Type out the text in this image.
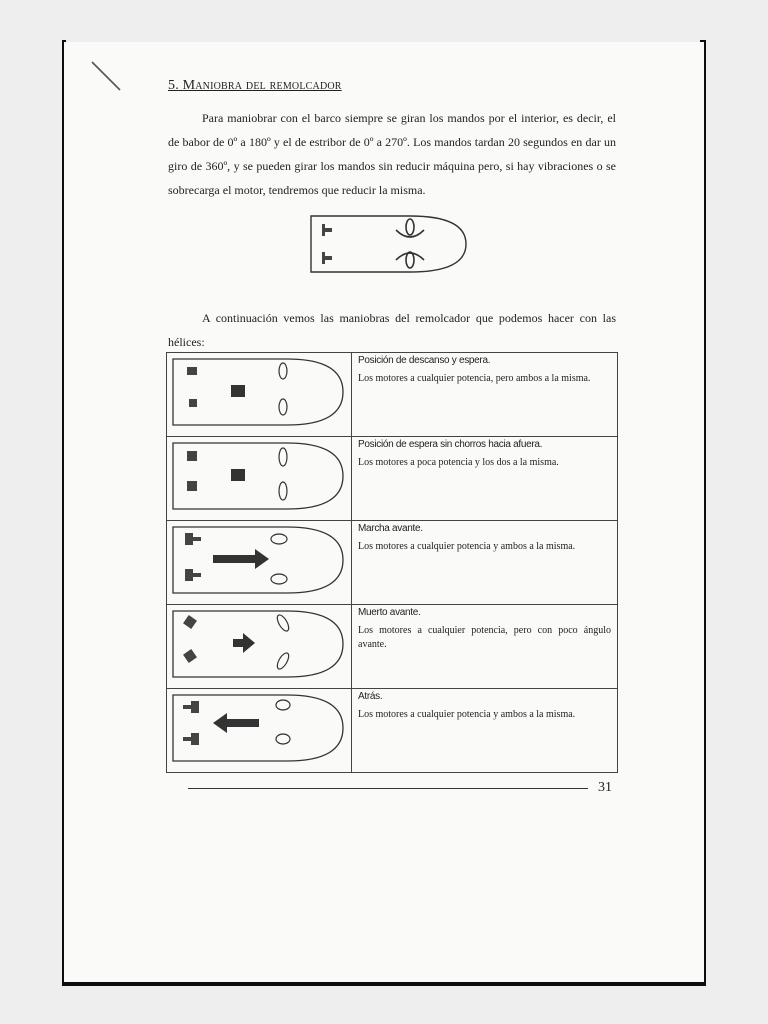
5. Maniobra del remolcador

Para maniobrar con el barco siempre se giran los mandos por el interior, es decir, el de babor de 0º a 180º y el de estribor de 0º a 270º. Los mandos tardan 20 segundos en dar un giro de 360º, y se pueden girar los mandos sin reducir máquina pero, si hay vibraciones o se sobrecarga el motor, tendremos que reducir la misma.

A continuación vemos las maniobras del remolcador que podemos hacer con las hélices:

Posición de descanso y espera.

Los motores a cualquier potencia, pero ambos a la misma.

Posición de espera sin chorros hacia afuera.

Los motores a poca potencia y los dos a la misma.

Marcha avante.

Los motores a cualquier potencia y ambos a la misma.

Muerto avante.

Los motores a cualquier potencia, pero con poco ángulo avante.

Atrás.

Los motores a cualquier potencia y ambos a la misma.

31
